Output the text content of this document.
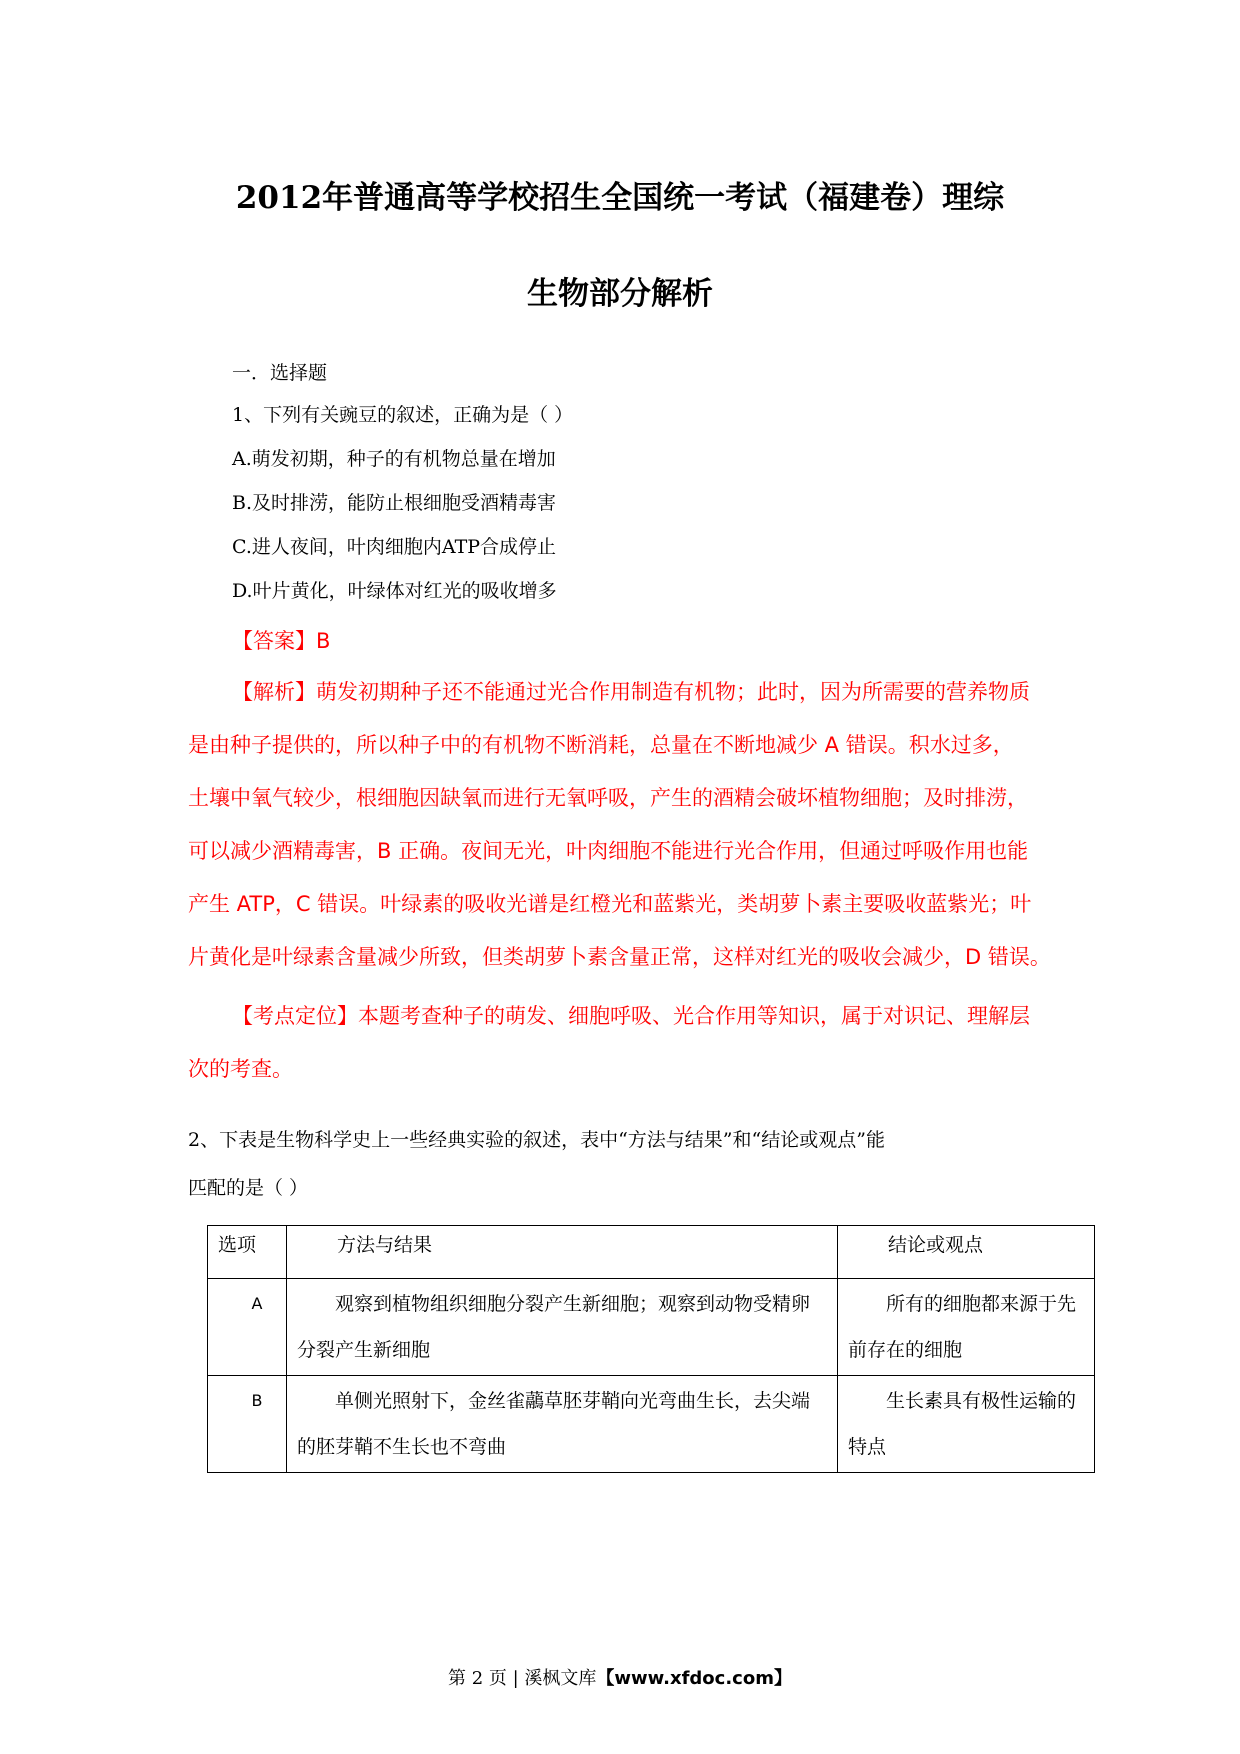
2012年普通高等学校招生全国统一考试（福建卷）理综
生物部分解析
一．选择题
1、下列有关豌豆的叙述，正确为是（ ）
A.萌发初期，种子的有机物总量在增加
B.及时排涝，能防止根细胞受酒精毒害
C.进人夜间，叶肉细胞内ATP合成停止
D.叶片黄化，叶绿体对红光的吸收增多
【答案】B
【解析】萌发初期种子还不能通过光合作用制造有机物；此时，因为所需要的营养物质
是由种子提供的，所以种子中的有机物不断消耗，总量在不断地减少 A 错误。积水过多，
土壤中氧气较少，根细胞因缺氧而进行无氧呼吸，产生的酒精会破坏植物细胞；及时排涝，
可以减少酒精毒害，B 正确。夜间无光，叶肉细胞不能进行光合作用，但通过呼吸作用也能
产生 ATP，C 错误。叶绿素的吸收光谱是红橙光和蓝紫光，类胡萝卜素主要吸收蓝紫光；叶
片黄化是叶绿素含量减少所致，但类胡萝卜素含量正常，这样对红光的吸收会减少，D 错误。
【考点定位】本题考查种子的萌发、细胞呼吸、光合作用等知识，属于对识记、理解层
次的考查。
2、下表是生物科学史上一些经典实验的叙述，表中“方法与结果”和“结论或观点”能
匹配的是（ ）
选项	方法与结果	结论或观点
A	观察到植物组织细胞分裂产生新细胞；观察到动物受精卵分裂产生新细胞	所有的细胞都来源于先前存在的细胞
B	单侧光照射下，金丝雀虉草胚芽鞘向光弯曲生长，去尖端的胚芽鞘不生长也不弯曲	生长素具有极性运输的特点
第 2 页 | 溪枫文库【www.xfdoc.com】
